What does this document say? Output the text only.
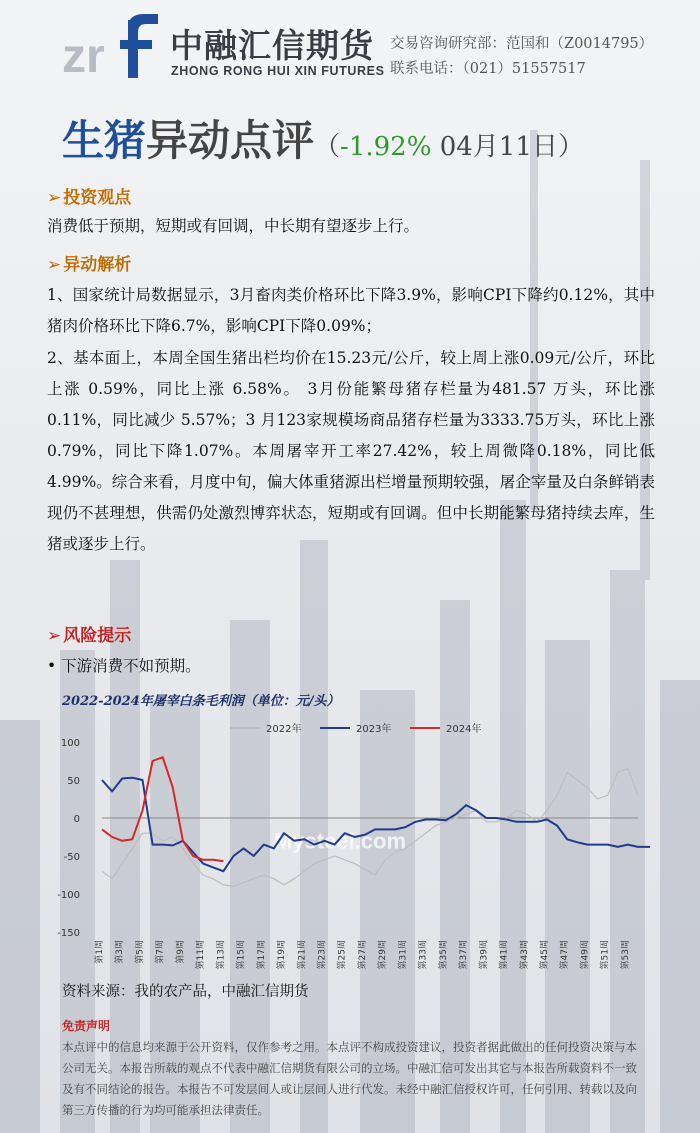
zr 中融汇信期货
ZHONG RONG HUI XIN FUTURES
交易咨询研究部：范国和（Z0014795）
联系电话：（021）51557517
生猪异动点评（-1.92% 04月11日）
➢ 投资观点
消费低于预期，短期或有回调，中长期有望逐步上行。
➢ 异动解析
1、国家统计局数据显示，3月畜肉类价格环比下降3.9%，影响CPI下降约0.12%，其中猪肉价格环比下降6.7%，影响CPI下降0.09%；
2、基本面上，本周全国生猪出栏均价在15.23元/公斤，较上周上涨0.09元/公斤，环比上涨 0.59%，同比上涨 6.58%。 3月份能繁母猪存栏量为481.57 万头，环比涨 0.11%，同比减少 5.57%；3 月123家规模场商品猪存栏量为3333.75万头，环比上涨0.79%，同比下降1.07%。本周屠宰开工率27.42%，较上周微降0.18%，同比低4.99%。综合来看，月度中旬，偏大体重猪源出栏增量预期较强，屠企宰量及白条鲜销表现仍不甚理想，供需仍处激烈博弈状态，短期或有回调。但中长期能繁母猪持续去库，生猪或逐步上行。
➢ 风险提示
• 下游消费不如预期。
2022-2024年屠宰白条毛利润（单位：元/头）
Mysteel.com
100
50
0
-50
-100
-150
第1周 第3周 第5周 第7周 第9周 第11周 第13周 第15周 第17周 第19周 第21周 第23周 第25周 第27周 第29周 第31周 第33周 第35周 第37周 第39周 第41周 第43周 第45周 第47周 第49周 第51周 第53周
2022年	2023年	2024年
资料来源：我的农产品，中融汇信期货
免责声明
本点评中的信息均来源于公开资料，仅作参考之用。本点评不构成投资建议，投资者据此做出的任何投资决策与本公司无关。本报告所载的观点不代表中融汇信期货有限公司的立场。中融汇信可发出其它与本报告所载资料不一致及有不同结论的报告。本报告不可发层间人或让层间人进行代发。未经中融汇信授权许可，任何引用、转载以及向第三方传播的行为均可能承担法律责任。
